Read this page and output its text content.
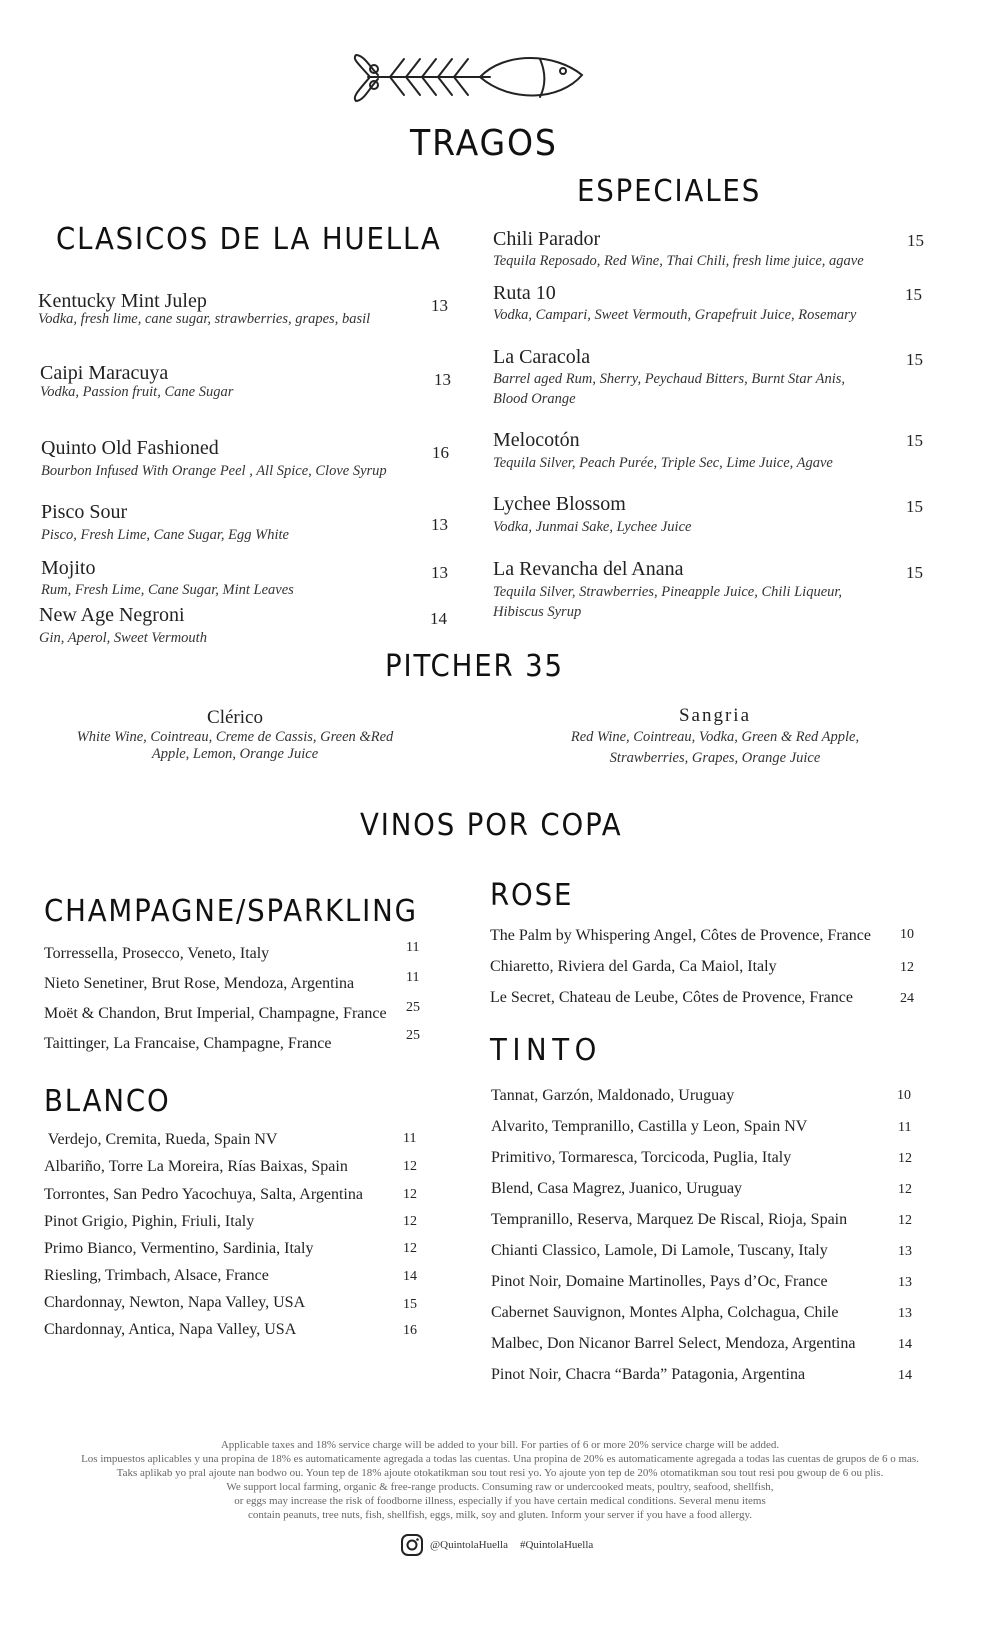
TRAGOS
CLASICOS DE LA HUELLA
Kentucky Mint Julep
Vodka, fresh lime, cane sugar, strawberries, grapes, basil
13
Caipi Maracuya
Vodka, Passion fruit, Cane Sugar
13
Quinto Old Fashioned
Bourbon Infused With Orange Peel , All Spice, Clove Syrup
16
Pisco Sour
Pisco, Fresh Lime, Cane Sugar, Egg White
13
Mojito
Rum, Fresh Lime, Cane Sugar, Mint Leaves
13
New Age Negroni
Gin, Aperol, Sweet Vermouth
14
ESPECIALES
Chili Parador
Tequila Reposado, Red Wine, Thai Chili, fresh lime juice, agave
15
Ruta 10
Vodka, Campari, Sweet Vermouth, Grapefruit Juice, Rosemary
15
La Caracola
Barrel aged Rum, Sherry, Peychaud Bitters, Burnt Star Anis,
Blood Orange
15
Melocotón
Tequila Silver, Peach Purée, Triple Sec, Lime Juice, Agave
15
Lychee Blossom
Vodka, Junmai Sake, Lychee Juice
15
La Revancha del Anana
Tequila Silver, Strawberries, Pineapple Juice, Chili Liqueur,
Hibiscus Syrup
15
PITCHER 35
Clérico
White Wine, Cointreau, Creme de Cassis, Green &Red
Apple, Lemon, Orange Juice
Sangria
Red Wine, Cointreau, Vodka, Green & Red Apple,
Strawberries, Grapes, Orange Juice
VINOS POR COPA
CHAMPAGNE/SPARKLING
Torressella, Prosecco, Veneto, Italy	11
Nieto Senetiner, Brut Rose, Mendoza, Argentina	11
Moët & Chandon, Brut Imperial, Champagne, France 25
Taittinger, La Francaise, Champagne, France	25
BLANCO
Verdejo, Cremita, Rueda, Spain NV	11
Albariño, Torre La Moreira, Rías Baixas, Spain	12
Torrontes, San Pedro Yacochuya, Salta, Argentina	12
Pinot Grigio, Pighin, Friuli, Italy	12
Primo Bianco, Vermentino, Sardinia, Italy	12
Riesling, Trimbach, Alsace, France	14
Chardonnay, Newton, Napa Valley, USA	15
Chardonnay, Antica, Napa Valley, USA	16
ROSE
The Palm by Whispering Angel, Côtes de Provence, France 10
Chiaretto, Riviera del Garda, Ca Maiol, Italy	12
Le Secret, Chateau de Leube, Côtes de Provence, France	24
TINTO
Tannat, Garzón, Maldonado, Uruguay	10
Alvarito, Tempranillo, Castilla y Leon, Spain NV	11
Primitivo, Tormaresca, Torcicoda, Puglia, Italy	12
Blend, Casa Magrez, Juanico, Uruguay	12
Tempranillo, Reserva, Marquez De Riscal, Rioja, Spain	12
Chianti Classico, Lamole, Di Lamole, Tuscany, Italy	13
Pinot Noir, Domaine Martinolles, Pays d’Oc, France	13
Cabernet Sauvignon, Montes Alpha, Colchagua, Chile	13
Malbec, Don Nicanor Barrel Select, Mendoza, Argentina	14
Pinot Noir, Chacra “Barda” Patagonia, Argentina	14
Applicable taxes and 18% service charge will be added to your bill. For parties of 6 or more 20% service charge will be added.
Los impuestos aplicables y una propina de 18% es automaticamente agregada a todas las cuentas. Una propina de 20% es automaticamente agregada a todas las cuentas de grupos de 6 o mas.
Taks aplikab yo pral ajoute nan bodwo ou. Youn tep de 18% ajoute otokatikman sou tout resi yo. Yo ajoute yon tep de 20% otomatikman sou tout resi pou gwoup de 6 ou plis.
We support local farming, organic & free-range products. Consuming raw or undercooked meats, poultry, seafood, shellfish,
or eggs may increase the risk of foodborne illness, especially if you have certain medical conditions. Several menu items
contain peanuts, tree nuts, fish, shellfish, eggs, milk, soy and gluten. Inform your server if you have a food allergy.
@QuintolaHuella #QuintolaHuella
